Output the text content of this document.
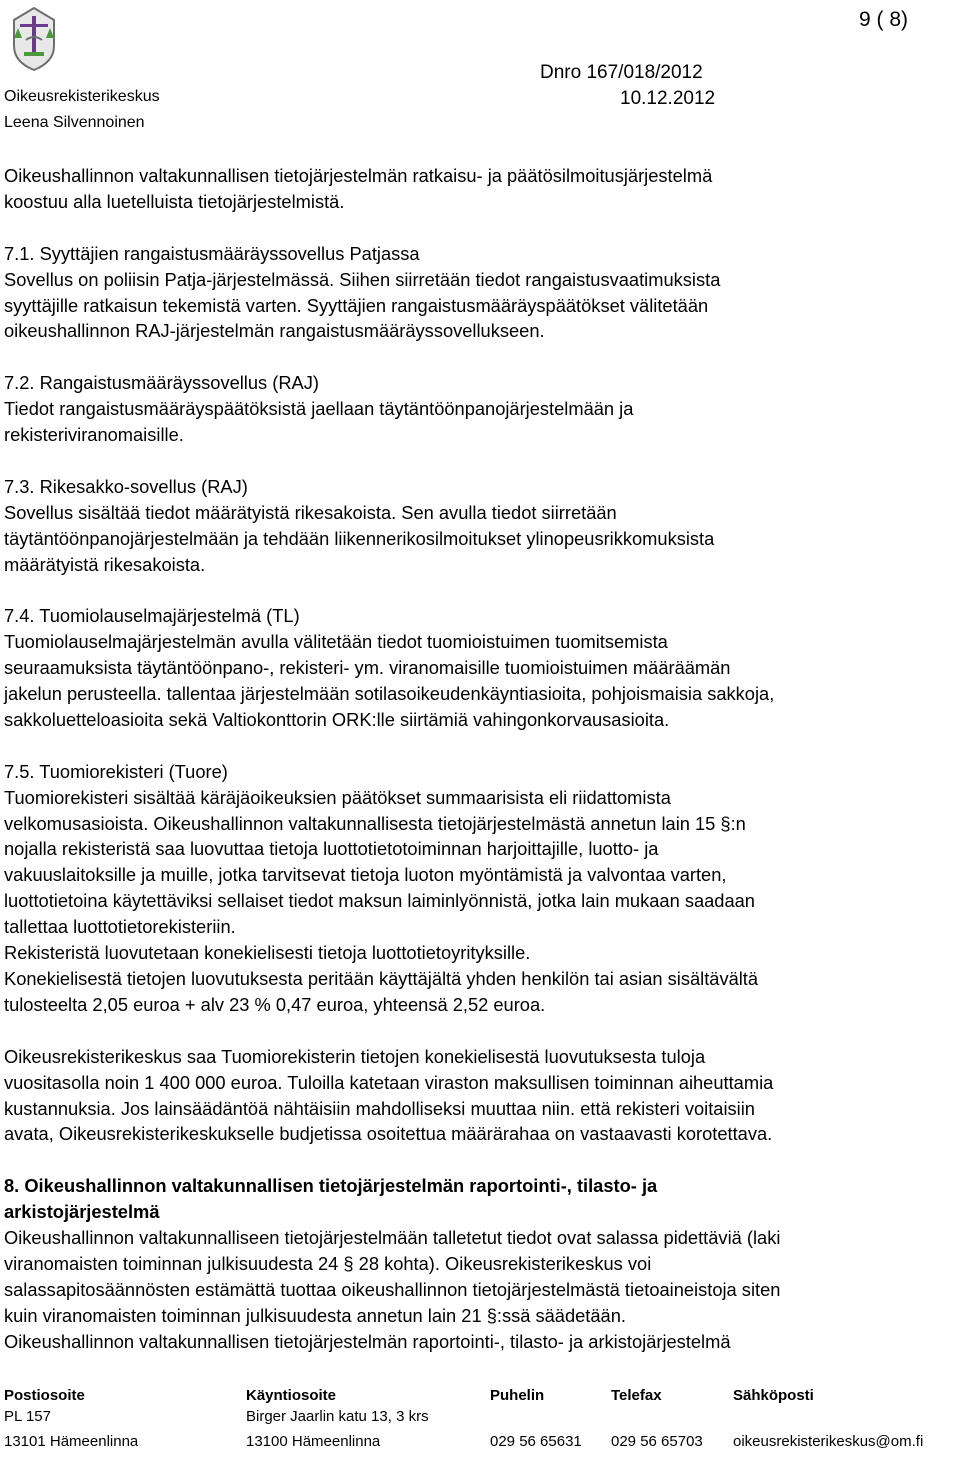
9 ( 8)
Oikeusrekisterikeskus
Leena Silvennoinen
Dnro 167/018/2012
10.12.2012

Oikeushallinnon valtakunnallisen tietojärjestelmän ratkaisu- ja päätösilmoitusjärjestelmä
koostuu alla luetelluista tietojärjestelmistä.

7.1. Syyttäjien rangaistusmääräyssovellus Patjassa
Sovellus on poliisin Patja-järjestelmässä. Siihen siirretään tiedot rangaistusvaatimuksista
syyttäjille ratkaisun tekemistä varten. Syyttäjien rangaistusmääräyspäätökset välitetään
oikeushallinnon RAJ-järjestelmän rangaistusmääräyssovellukseen.

7.2. Rangaistusmääräyssovellus (RAJ)
Tiedot rangaistusmääräyspäätöksistä jaellaan täytäntöönpanojärjestelmään ja
rekisteriviranomaisille.

7.3. Rikesakko-sovellus (RAJ)
Sovellus sisältää tiedot määrätyistä rikesakoista. Sen avulla tiedot siirretään
täytäntöönpanojärjestelmään ja tehdään liikennerikosilmoitukset ylinopeusrikkomuksista
määrätyistä rikesakoista.

7.4. Tuomiolauselmajärjestelmä (TL)
Tuomiolauselmajärjestelmän avulla välitetään tiedot tuomioistuimen tuomitsemista
seuraamuksista täytäntöönpano-, rekisteri- ym. viranomaisille tuomioistuimen määräämän
jakelun perusteella. tallentaa järjestelmään sotilasoikeudenkäyntiasioita, pohjoismaisia sakkoja,
sakkoluetteloasioita sekä Valtiokonttorin ORK:lle siirtämiä vahingonkorvausasioita.

7.5. Tuomiorekisteri (Tuore)
Tuomiorekisteri sisältää käräjäoikeuksien päätökset summaarisista eli riidattomista
velkomusasioista. Oikeushallinnon valtakunnallisesta tietojärjestelmästä annetun lain 15 §:n
nojalla rekisteristä saa luovuttaa tietoja luottotietotoiminnan harjoittajille, luotto- ja
vakuuslaitoksille ja muille, jotka tarvitsevat tietoja luoton myöntämistä ja valvontaa varten,
luottotietoina käytettäviksi sellaiset tiedot maksun laiminlyönnistä, jotka lain mukaan saadaan
tallettaa luottotietorekisteriin.
Rekisteristä luovutetaan konekielisesti tietoja luottotietoyrityksille.
Konekielisestä tietojen luovutuksesta peritään käyttäjältä yhden henkilön tai asian sisältävältä
tulosteelta 2,05 euroa + alv 23 % 0,47 euroa, yhteensä 2,52 euroa.

Oikeusrekisterikeskus saa Tuomiorekisterin tietojen konekielisestä luovutuksesta tuloja
vuositasolla noin 1 400 000 euroa. Tuloilla katetaan viraston maksullisen toiminnan aiheuttamia
kustannuksia. Jos lainsäädäntöä nähtäisiin mahdolliseksi muuttaa niin. että rekisteri voitaisiin
avata, Oikeusrekisterikeskukselle budjetissa osoitettua määrärahaa on vastaavasti korotettava.

8. Oikeushallinnon valtakunnallisen tietojärjestelmän raportointi-, tilasto- ja
arkistojärjestelmä
Oikeushallinnon valtakunnalliseen tietojärjestelmään talletetut tiedot ovat salassa pidettäviä (laki
viranomaisten toiminnan julkisuudesta 24 § 28 kohta). Oikeusrekisterikeskus voi
salassapitosäännösten estämättä tuottaa oikeushallinnon tietojärjestelmästä tietoaineistoja siten
kuin viranomaisten toiminnan julkisuudesta annetun lain 21 §:ssä säädetään.
Oikeushallinnon valtakunnallisen tietojärjestelmän raportointi-, tilasto- ja arkistojärjestelmä

Postiosoite	Käyntiosoite	Puhelin	Telefax	Sähköposti
PL 157	Birger Jaarlin katu 13, 3 krs			
13101 Hämeenlinna	13100 Hämeenlinna	029 56 65631	029 56 65703	oikeusrekisterikeskus@om.fi
